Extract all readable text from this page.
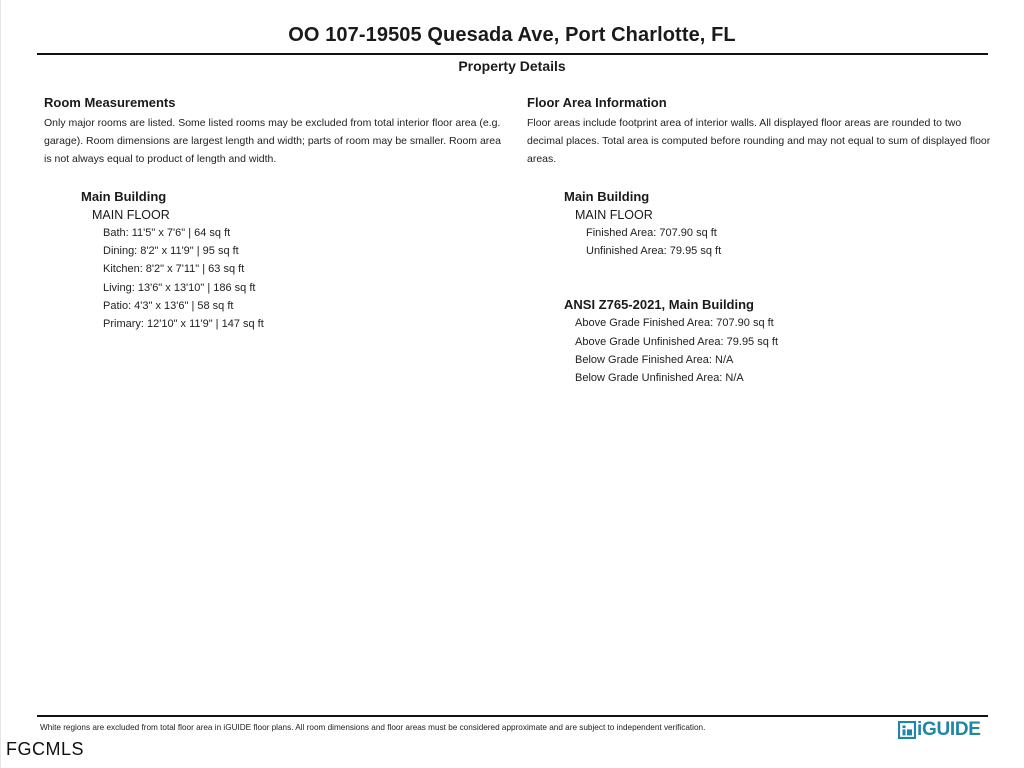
OO 107-19505 Quesada Ave, Port Charlotte, FL
Property Details
Room Measurements

Only major rooms are listed. Some listed rooms may be excluded from total interior floor area (e.g. garage). Room dimensions are largest length and width; parts of room may be smaller. Room area is not always equal to product of length and width.

Main Building
MAIN FLOOR
Bath: 11'5" x 7'6" | 64 sq ft
Dining: 8'2" x 11'9" | 95 sq ft
Kitchen: 8'2" x 7'11" | 63 sq ft
Living: 13'6" x 13'10" | 186 sq ft
Patio: 4'3" x 13'6" | 58 sq ft
Primary: 12'10" x 11'9" | 147 sq ft
Floor Area Information

Floor areas include footprint area of interior walls. All displayed floor areas are rounded to two decimal places. Total area is computed before rounding and may not equal to sum of displayed floor areas.

Main Building
MAIN FLOOR
Finished Area: 707.90 sq ft
Unfinished Area: 79.95 sq ft
ANSI Z765-2021, Main Building
Above Grade Finished Area: 707.90 sq ft
Above Grade Unfinished Area: 79.95 sq ft
Below Grade Finished Area: N/A
Below Grade Unfinished Area: N/A
White regions are excluded from total floor area in iGUIDE floor plans. All room dimensions and floor areas must be considered approximate and are subject to independent verification.	iGUIDE
FGCMLS
